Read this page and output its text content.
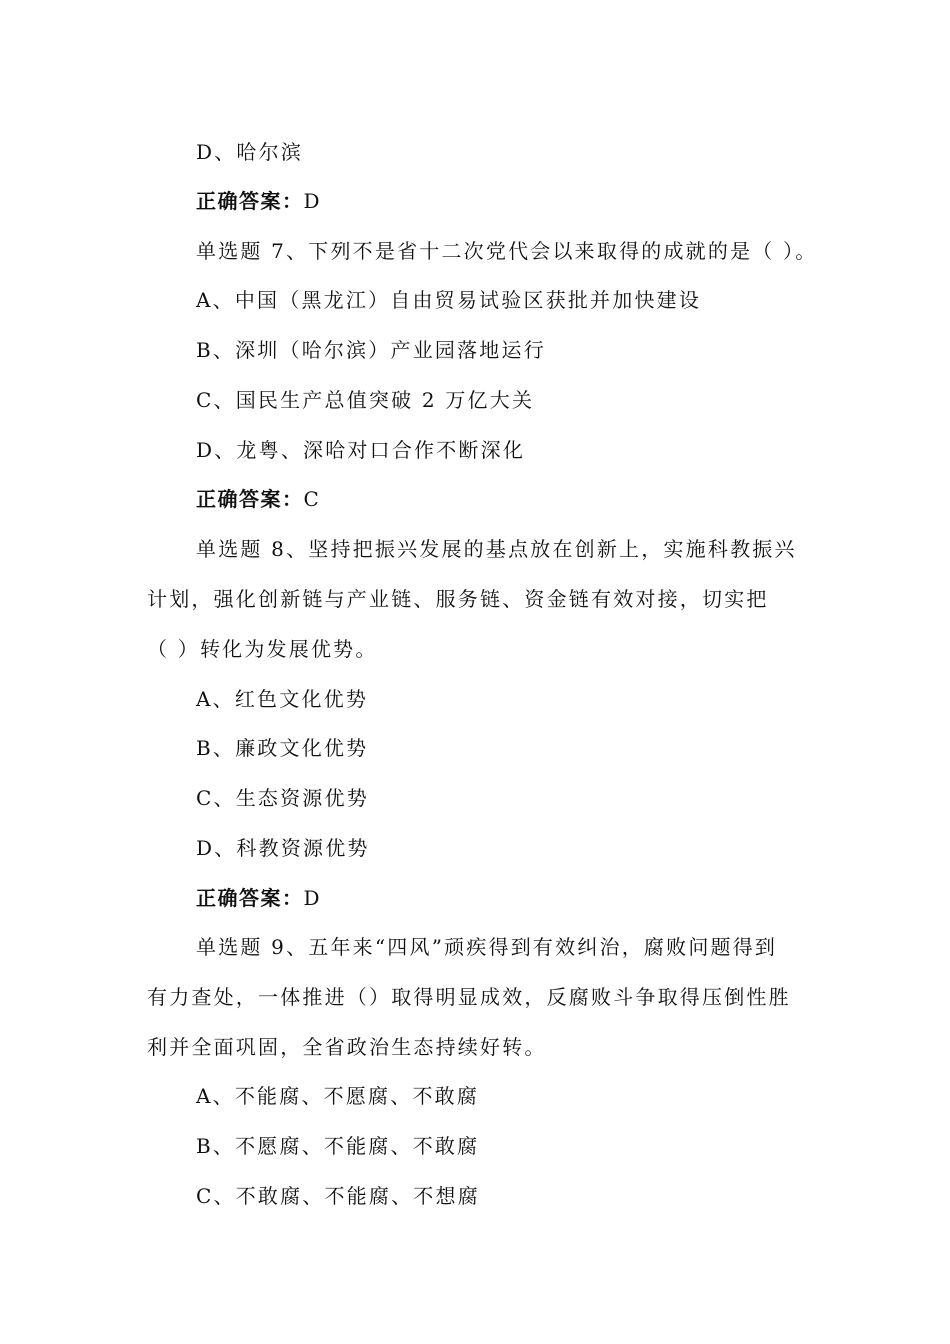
D、哈尔滨
正确答案：D
单选题 7、下列不是省十二次党代会以来取得的成就的是（ ）。
A、中国（黑龙江）自由贸易试验区获批并加快建设
B、深圳（哈尔滨）产业园落地运行
C、国民生产总值突破 2 万亿大关
D、龙粤、深哈对口合作不断深化
正确答案：C
单选题 8、坚持把振兴发展的基点放在创新上，实施科教振兴
计划，强化创新链与产业链、服务链、资金链有效对接，切实把
（ ）转化为发展优势。
A、红色文化优势
B、廉政文化优势
C、生态资源优势
D、科教资源优势
正确答案：D
单选题 9、五年来“四风”顽疾得到有效纠治，腐败问题得到
有力查处，一体推进（）取得明显成效，反腐败斗争取得压倒性胜
利并全面巩固，全省政治生态持续好转。
A、不能腐、不愿腐、不敢腐
B、不愿腐、不能腐、不敢腐
C、不敢腐、不能腐、不想腐
